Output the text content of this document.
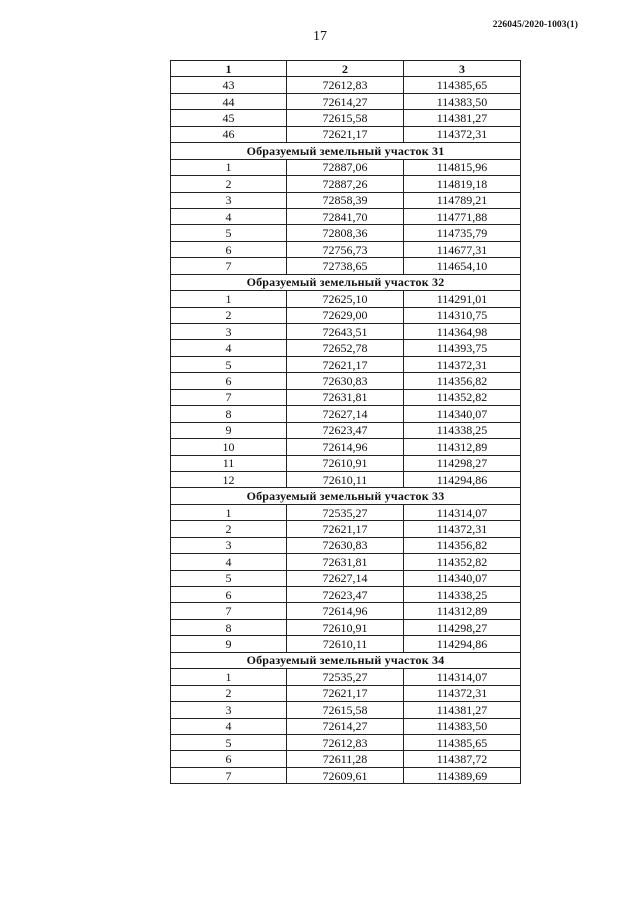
226045/2020-1003(1)
17
1	2	3
43	72612,83	114385,65
44	72614,27	114383,50
45	72615,58	114381,27
46	72621,17	114372,31
Образуемый земельный участок 31		
1	72887,06	114815,96
2	72887,26	114819,18
3	72858,39	114789,21
4	72841,70	114771,88
5	72808,36	114735,79
6	72756,73	114677,31
7	72738,65	114654,10
Образуемый земельный участок 32		
1	72625,10	114291,01
2	72629,00	114310,75
3	72643,51	114364,98
4	72652,78	114393,75
5	72621,17	114372,31
6	72630,83	114356,82
7	72631,81	114352,82
8	72627,14	114340,07
9	72623,47	114338,25
10	72614,96	114312,89
11	72610,91	114298,27
12	72610,11	114294,86
Образуемый земельный участок 33		
1	72535,27	114314,07
2	72621,17	114372,31
3	72630,83	114356,82
4	72631,81	114352,82
5	72627,14	114340,07
6	72623,47	114338,25
7	72614,96	114312,89
8	72610,91	114298,27
9	72610,11	114294,86
Образуемый земельный участок 34		
1	72535,27	114314,07
2	72621,17	114372,31
3	72615,58	114381,27
4	72614,27	114383,50
5	72612,83	114385,65
6	72611,28	114387,72
7	72609,61	114389,69
